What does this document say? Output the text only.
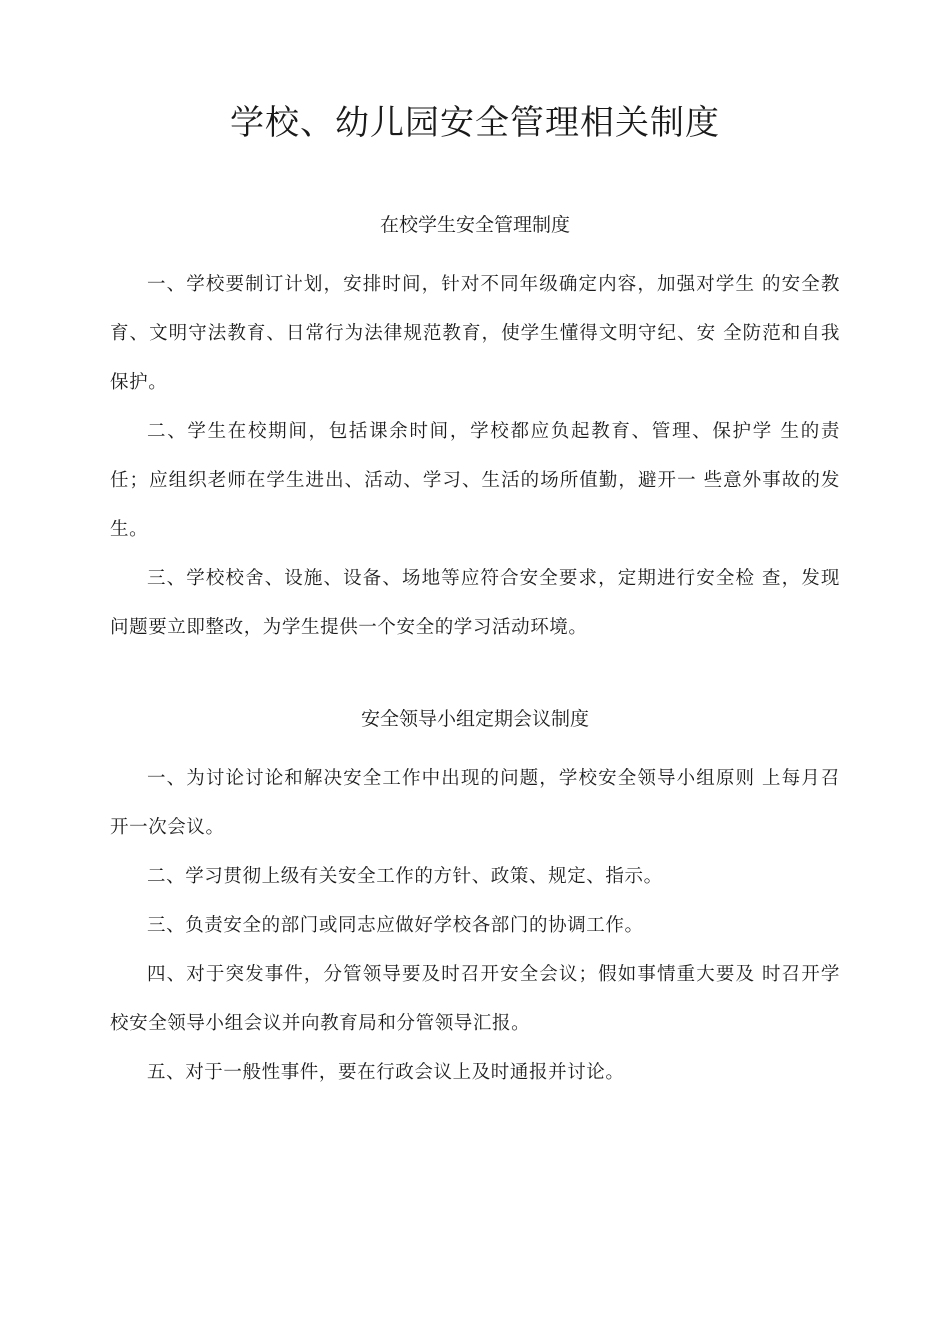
学校、幼儿园安全管理相关制度
在校学生安全管理制度

一、学校要制订计划，安排时间，针对不同年级确定内容，加强对学生 的安全教育、文明守法教育、日常行为法律规范教育，使学生懂得文明守纪、安 全防范和自我保护。

二、学生在校期间，包括课余时间，学校都应负起教育、管理、保护学 生的责任；应组织老师在学生进出、活动、学习、生活的场所值勤，避开一 些意外事故的发生。

三、学校校舍、设施、设备、场地等应符合安全要求，定期进行安全检 查，发现问题要立即整改，为学生提供一个安全的学习活动环境。

安全领导小组定期会议制度

一、为讨论讨论和解决安全工作中出现的问题，学校安全领导小组原则 上每月召开一次会议。

二、学习贯彻上级有关安全工作的方针、政策、规定、指示。

三、负责安全的部门或同志应做好学校各部门的协调工作。

四、对于突发事件，分管领导要及时召开安全会议；假如事情重大要及 时召开学校安全领导小组会议并向教育局和分管领导汇报。

五、对于一般性事件，要在行政会议上及时通报并讨论。
